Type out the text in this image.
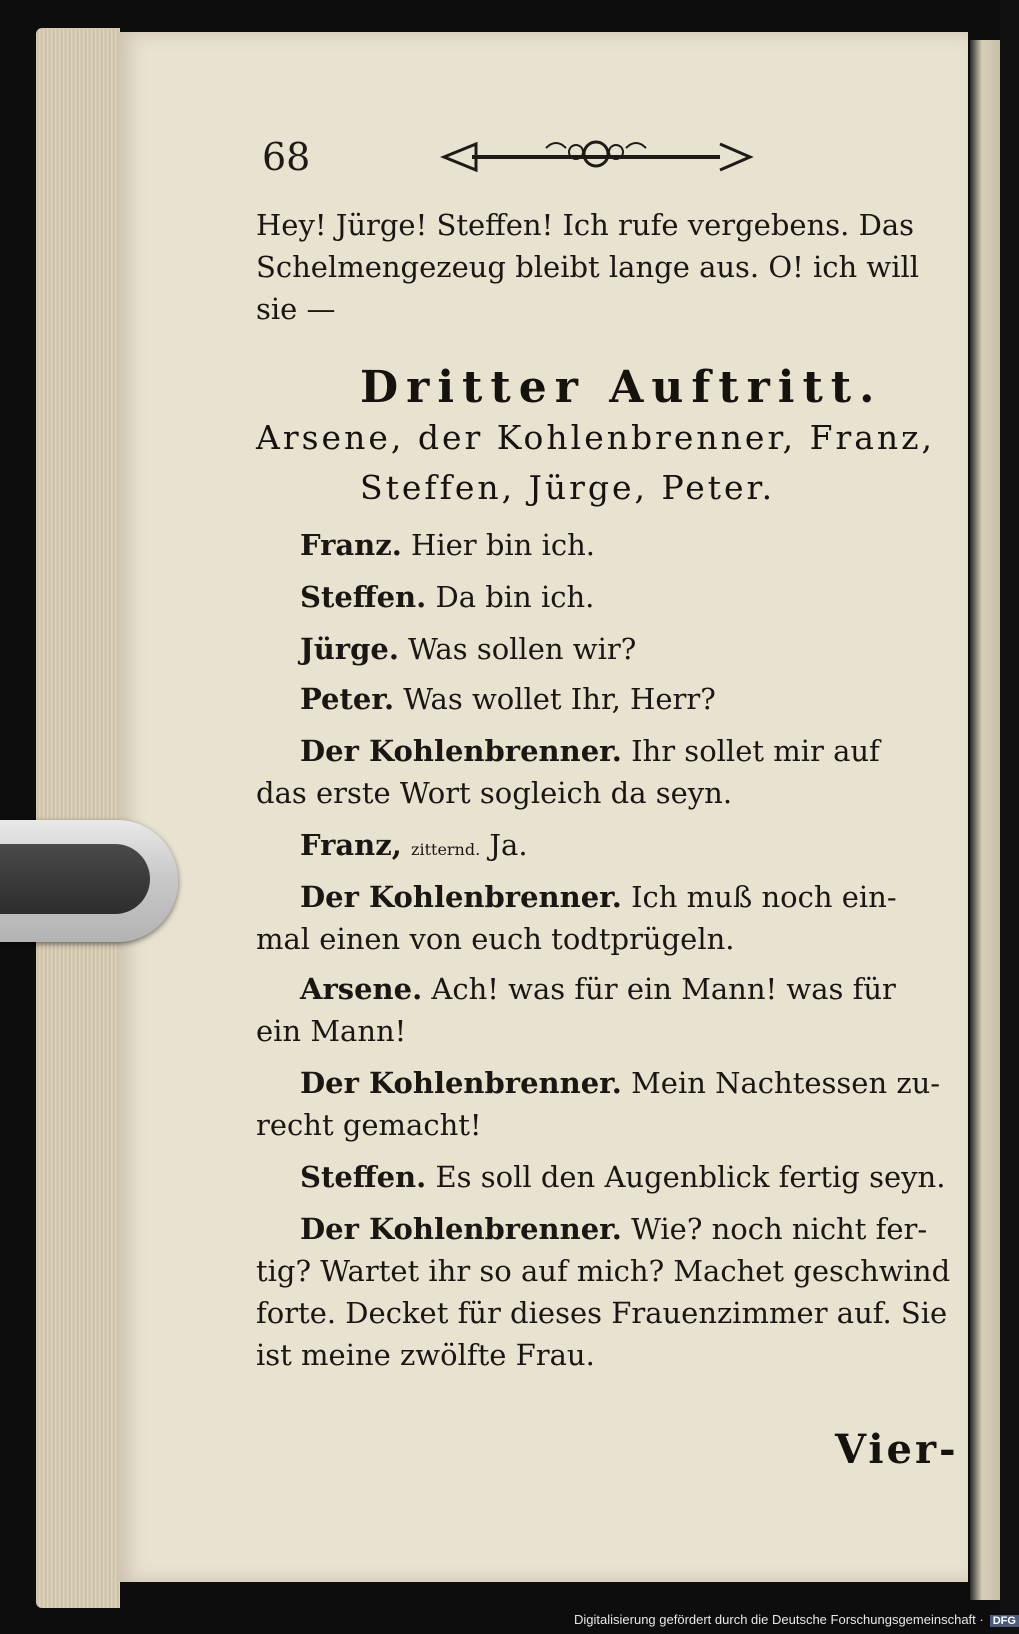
68
Hey! Jürge! Steffen! Ich rufe vergebens. Das
Schelmengezeug bleibt lange aus. O! ich will
sie —
Dritter Auftritt.
Arsene, der Kohlenbrenner, Franz,
Steffen, Jürge, Peter.
Franz. Hier bin ich.
Steffen. Da bin ich.
Jürge. Was sollen wir?
Peter. Was wollet Ihr, Herr?
Der Kohlenbrenner. Ihr sollet mir auf
das erste Wort sogleich da seyn.
Franz, zitternd. Ja.
Der Kohlenbrenner. Ich muß noch ein-
mal einen von euch todtprügeln.
Arsene. Ach! was für ein Mann! was für
ein Mann!
Der Kohlenbrenner. Mein Nachtessen zu-
recht gemacht!
Steffen. Es soll den Augenblick fertig seyn.
Der Kohlenbrenner. Wie? noch nicht fer-
tig? Wartet ihr so auf mich? Machet geschwind
forte. Decket für dieses Frauenzimmer auf. Sie
ist meine zwölfte Frau.
Vier-
Digitalisierung gefördert durch die Deutsche Forschungsgemeinschaft · DFG
